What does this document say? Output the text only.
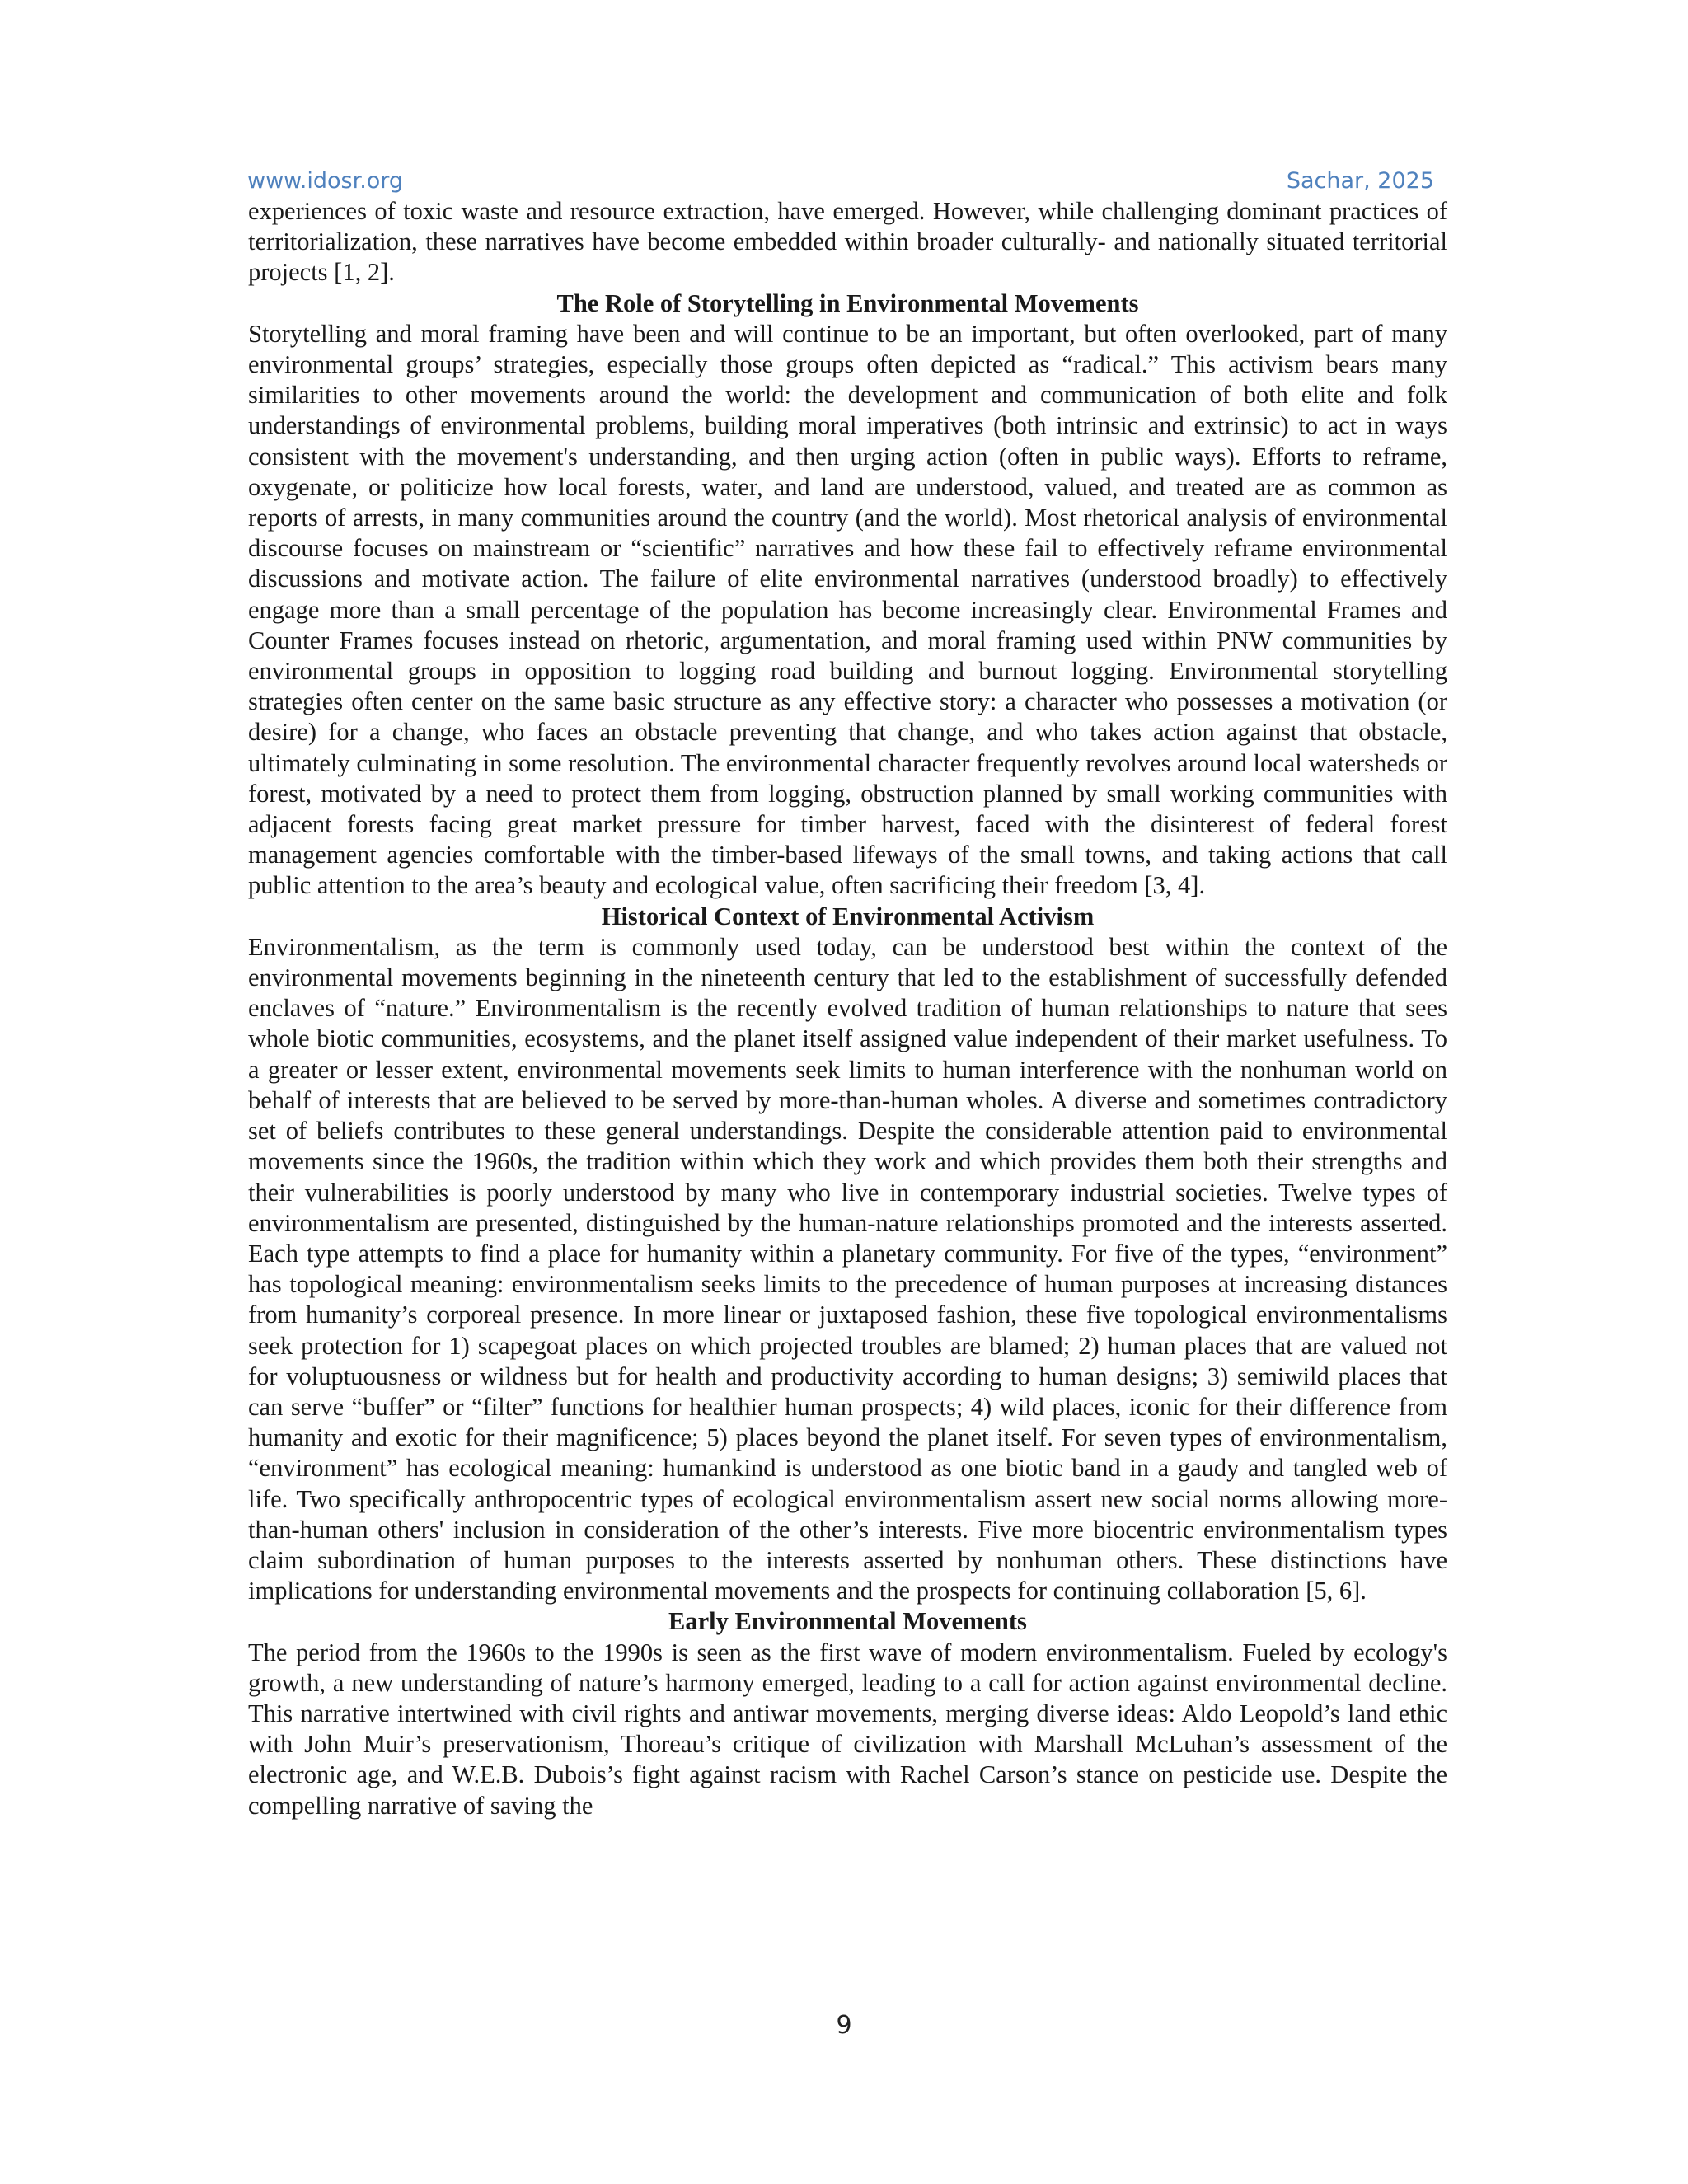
www.idosr.org	Sachar, 2025

experiences of toxic waste and resource extraction, have emerged. However, while challenging dominant practices of territorialization, these narratives have become embedded within broader culturally- and nationally situated territorial projects [1, 2].

The Role of Storytelling in Environmental Movements

Storytelling and moral framing have been and will continue to be an important, but often overlooked, part of many environmental groups’ strategies, especially those groups often depicted as “radical.” This activism bears many similarities to other movements around the world: the development and communication of both elite and folk understandings of environmental problems, building moral imperatives (both intrinsic and extrinsic) to act in ways consistent with the movement's understanding, and then urging action (often in public ways). Efforts to reframe, oxygenate, or politicize how local forests, water, and land are understood, valued, and treated are as common as reports of arrests, in many communities around the country (and the world). Most rhetorical analysis of environmental discourse focuses on mainstream or “scientific” narratives and how these fail to effectively reframe environmental discussions and motivate action. The failure of elite environmental narratives (understood broadly) to effectively engage more than a small percentage of the population has become increasingly clear. Environmental Frames and Counter Frames focuses instead on rhetoric, argumentation, and moral framing used within PNW communities by environmental groups in opposition to logging road building and burnout logging. Environmental storytelling strategies often center on the same basic structure as any effective story: a character who possesses a motivation (or desire) for a change, who faces an obstacle preventing that change, and who takes action against that obstacle, ultimately culminating in some resolution. The environmental character frequently revolves around local watersheds or forest, motivated by a need to protect them from logging, obstruction planned by small working communities with adjacent forests facing great market pressure for timber harvest, faced with the disinterest of federal forest management agencies comfortable with the timber-based lifeways of the small towns, and taking actions that call public attention to the area’s beauty and ecological value, often sacrificing their freedom [3, 4].

Historical Context of Environmental Activism

Environmentalism, as the term is commonly used today, can be understood best within the context of the environmental movements beginning in the nineteenth century that led to the establishment of successfully defended enclaves of “nature.” Environmentalism is the recently evolved tradition of human relationships to nature that sees whole biotic communities, ecosystems, and the planet itself assigned value independent of their market usefulness. To a greater or lesser extent, environmental movements seek limits to human interference with the nonhuman world on behalf of interests that are believed to be served by more-than-human wholes. A diverse and sometimes contradictory set of beliefs contributes to these general understandings. Despite the considerable attention paid to environmental movements since the 1960s, the tradition within which they work and which provides them both their strengths and their vulnerabilities is poorly understood by many who live in contemporary industrial societies. Twelve types of environmentalism are presented, distinguished by the human-nature relationships promoted and the interests asserted. Each type attempts to find a place for humanity within a planetary community. For five of the types, “environment” has topological meaning: environmentalism seeks limits to the precedence of human purposes at increasing distances from humanity’s corporeal presence. In more linear or juxtaposed fashion, these five topological environmentalisms seek protection for 1) scapegoat places on which projected troubles are blamed; 2) human places that are valued not for voluptuousness or wildness but for health and productivity according to human designs; 3) semiwild places that can serve “buffer” or “filter” functions for healthier human prospects; 4) wild places, iconic for their difference from humanity and exotic for their magnificence; 5) places beyond the planet itself. For seven types of environmentalism, “environment” has ecological meaning: humankind is understood as one biotic band in a gaudy and tangled web of life. Two specifically anthropocentric types of ecological environmentalism assert new social norms allowing more-than-human others' inclusion in consideration of the other’s interests. Five more biocentric environmentalism types claim subordination of human purposes to the interests asserted by nonhuman others. These distinctions have implications for understanding environmental movements and the prospects for continuing collaboration [5, 6].

Early Environmental Movements

The period from the 1960s to the 1990s is seen as the first wave of modern environmentalism. Fueled by ecology's growth, a new understanding of nature’s harmony emerged, leading to a call for action against environmental decline. This narrative intertwined with civil rights and antiwar movements, merging diverse ideas: Aldo Leopold’s land ethic with John Muir’s preservationism, Thoreau’s critique of civilization with Marshall McLuhan’s assessment of the electronic age, and W.E.B. Dubois’s fight against racism with Rachel Carson’s stance on pesticide use. Despite the compelling narrative of saving the

9
